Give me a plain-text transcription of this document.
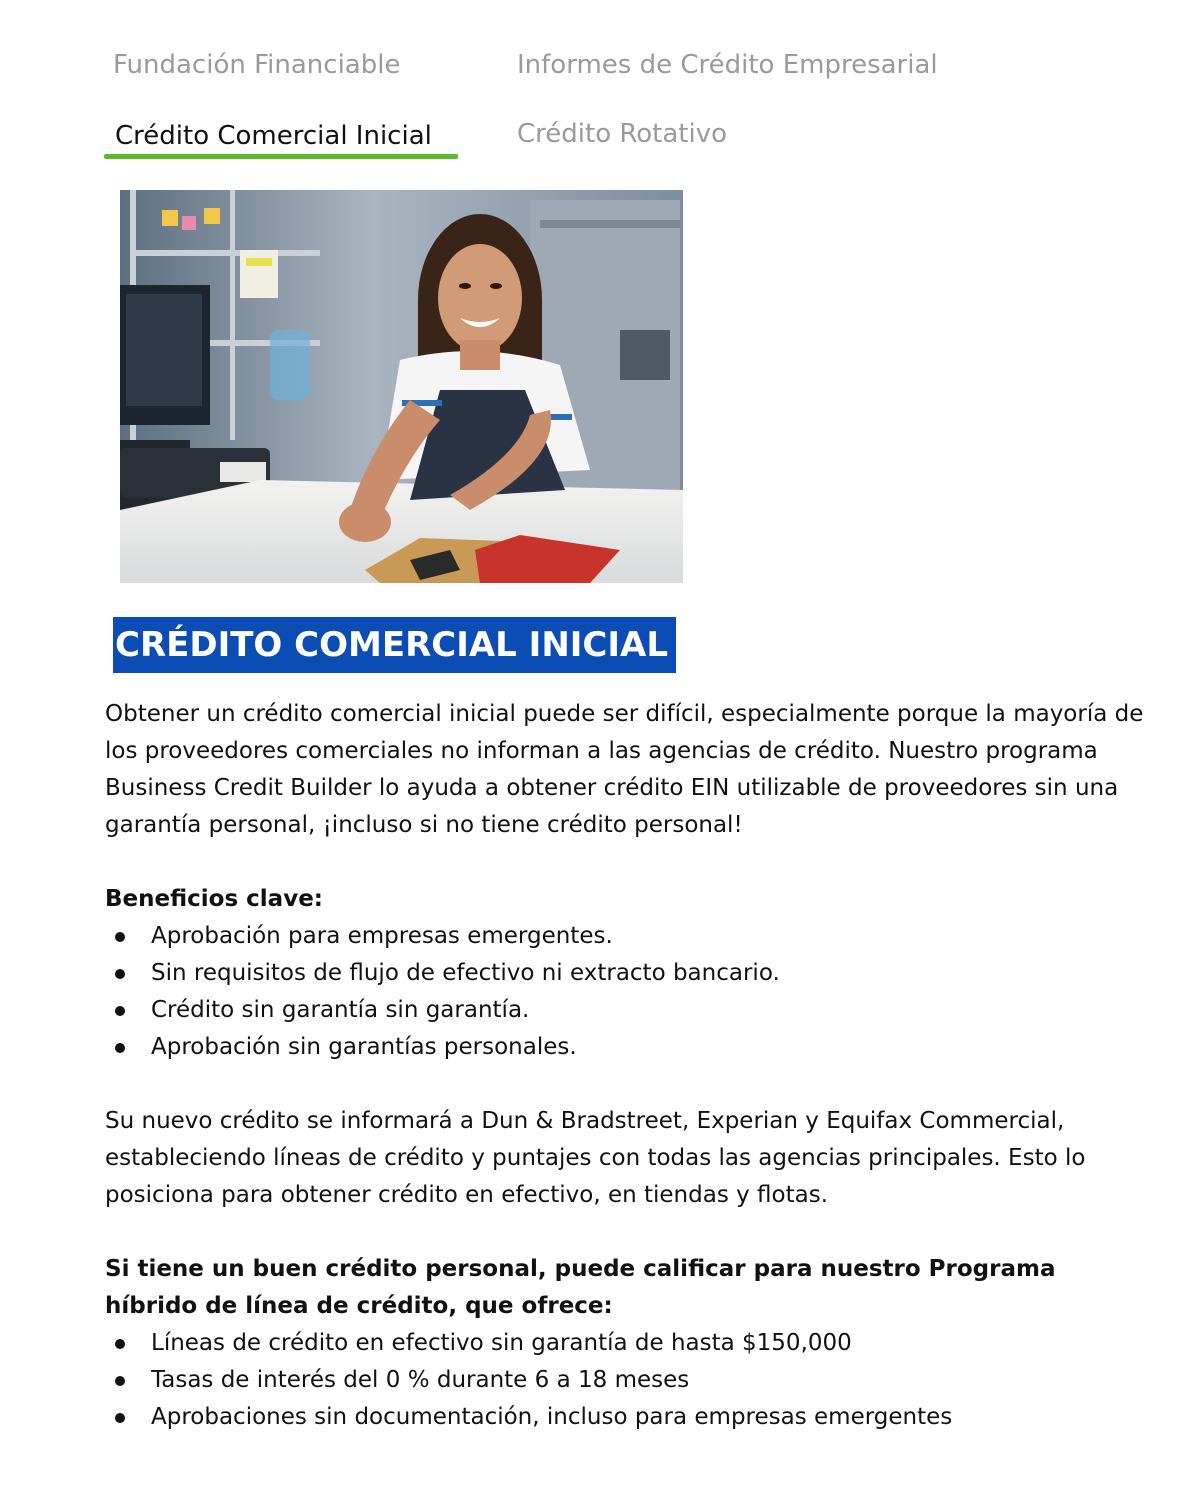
Fundación Financiable	Informes de Crédito Empresarial
Crédito Comercial Inicial	Crédito Rotativo
CRÉDITO COMERCIAL INICIAL

Obtener un crédito comercial inicial puede ser difícil, especialmente porque la mayoría de los proveedores comerciales no informan a las agencias de crédito. Nuestro programa Business Credit Builder lo ayuda a obtener crédito EIN utilizable de proveedores sin una garantía personal, ¡incluso si no tiene crédito personal!

Beneficios clave:

Aprobación para empresas emergentes.
Sin requisitos de flujo de efectivo ni extracto bancario.
Crédito sin garantía sin garantía.
Aprobación sin garantías personales.

Su nuevo crédito se informará a Dun & Bradstreet, Experian y Equifax Commercial, estableciendo líneas de crédito y puntajes con todas las agencias principales. Esto lo posiciona para obtener crédito en efectivo, en tiendas y flotas.

Si tiene un buen crédito personal, puede calificar para nuestro Programa híbrido de línea de crédito, que ofrece:

Líneas de crédito en efectivo sin garantía de hasta $150,000
Tasas de interés del 0 % durante 6 a 18 meses
Aprobaciones sin documentación, incluso para empresas emergentes
